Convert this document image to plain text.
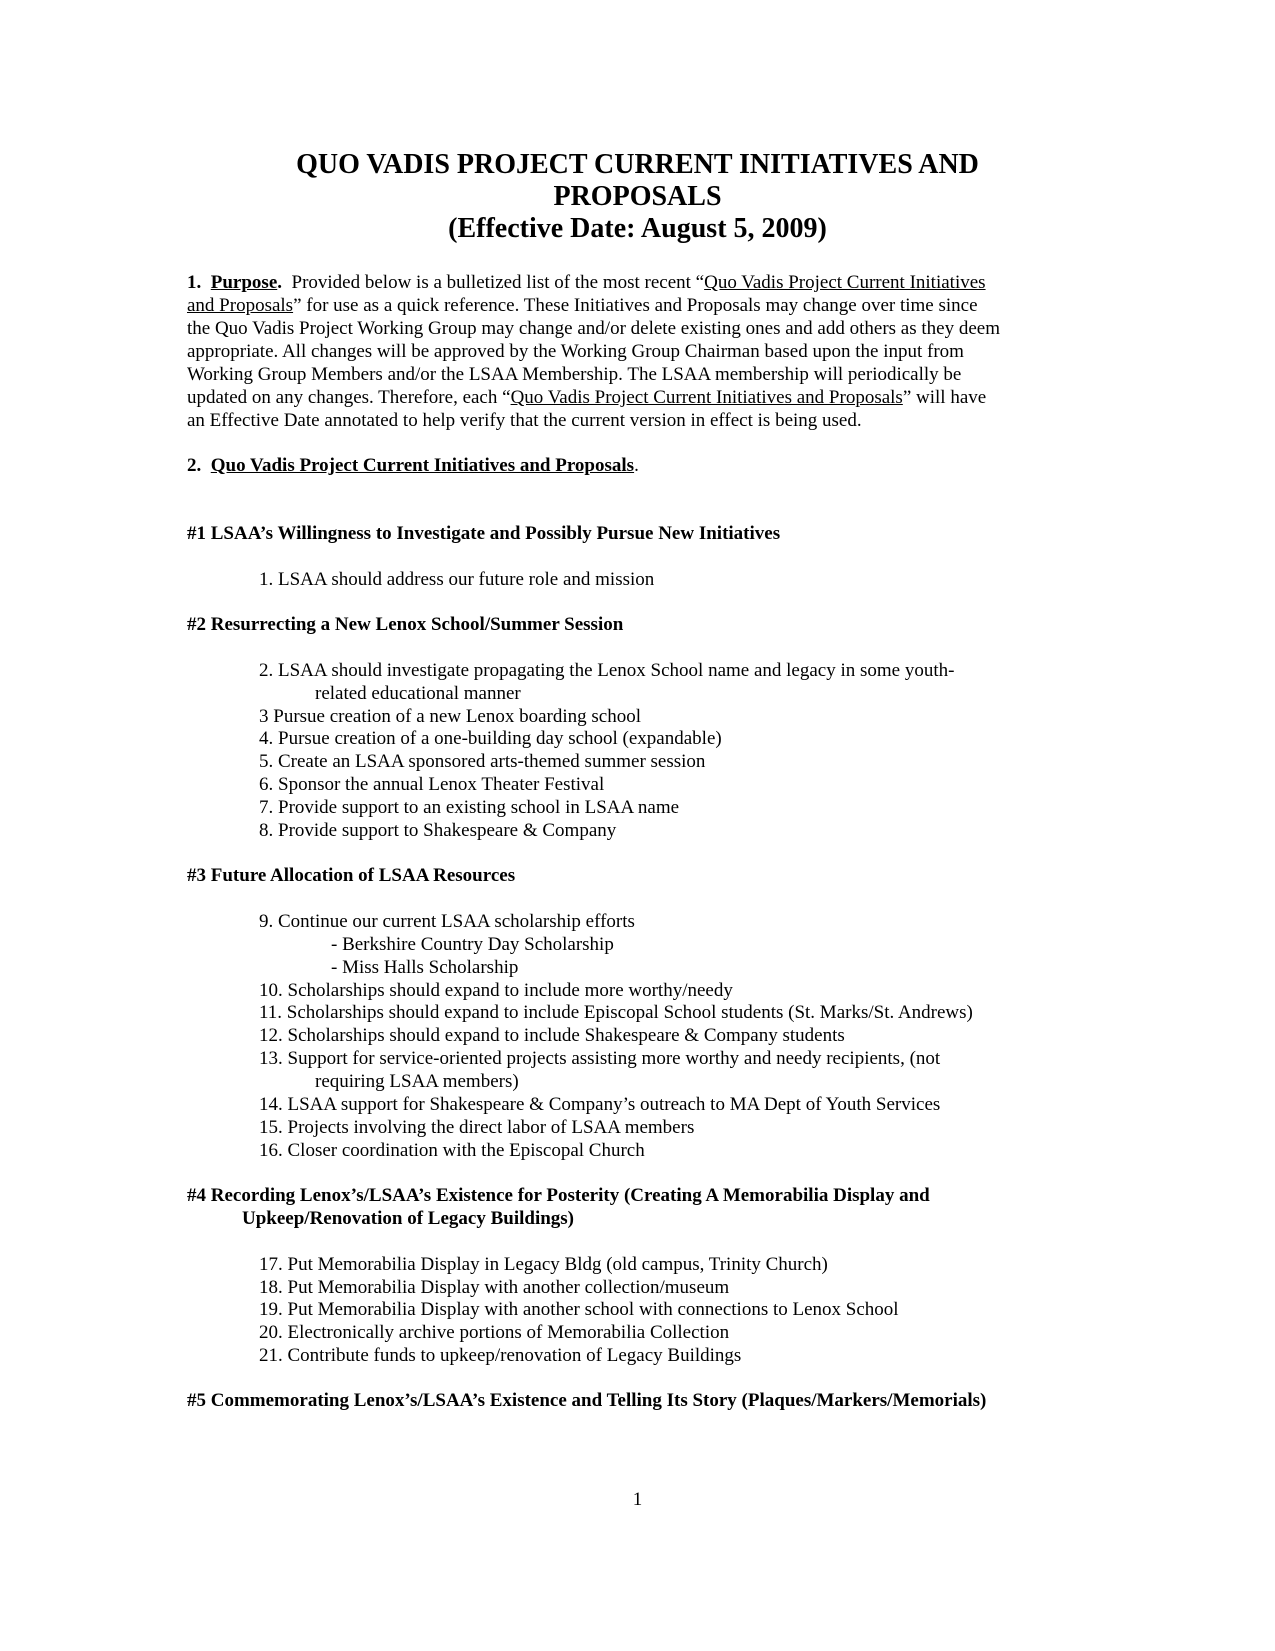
QUO VADIS PROJECT CURRENT INITIATIVES AND
PROPOSALS
(Effective Date: August 5, 2009)
1. Purpose. Provided below is a bulletized list of the most recent “Quo Vadis Project Current Initiatives
and Proposals” for use as a quick reference. These Initiatives and Proposals may change over time since
the Quo Vadis Project Working Group may change and/or delete existing ones and add others as they deem
appropriate. All changes will be approved by the Working Group Chairman based upon the input from
Working Group Members and/or the LSAA Membership. The LSAA membership will periodically be
updated on any changes. Therefore, each “Quo Vadis Project Current Initiatives and Proposals” will have
an Effective Date annotated to help verify that the current version in effect is being used.
2. Quo Vadis Project Current Initiatives and Proposals.
#1 LSAA’s Willingness to Investigate and Possibly Pursue New Initiatives
1. LSAA should address our future role and mission
#2 Resurrecting a New Lenox School/Summer Session
2. LSAA should investigate propagating the Lenox School name and legacy in some youth-
related educational manner
3 Pursue creation of a new Lenox boarding school
4. Pursue creation of a one-building day school (expandable)
5. Create an LSAA sponsored arts-themed summer session
6. Sponsor the annual Lenox Theater Festival
7. Provide support to an existing school in LSAA name
8. Provide support to Shakespeare & Company
#3 Future Allocation of LSAA Resources
9. Continue our current LSAA scholarship efforts
- Berkshire Country Day Scholarship
- Miss Halls Scholarship
10. Scholarships should expand to include more worthy/needy
11. Scholarships should expand to include Episcopal School students (St. Marks/St. Andrews)
12. Scholarships should expand to include Shakespeare & Company students
13. Support for service-oriented projects assisting more worthy and needy recipients, (not
requiring LSAA members)
14. LSAA support for Shakespeare & Company’s outreach to MA Dept of Youth Services
15. Projects involving the direct labor of LSAA members
16. Closer coordination with the Episcopal Church
#4 Recording Lenox’s/LSAA’s Existence for Posterity (Creating A Memorabilia Display and
Upkeep/Renovation of Legacy Buildings)
17. Put Memorabilia Display in Legacy Bldg (old campus, Trinity Church)
18. Put Memorabilia Display with another collection/museum
19. Put Memorabilia Display with another school with connections to Lenox School
20. Electronically archive portions of Memorabilia Collection
21. Contribute funds to upkeep/renovation of Legacy Buildings
#5 Commemorating Lenox’s/LSAA’s Existence and Telling Its Story (Plaques/Markers/Memorials)
1
